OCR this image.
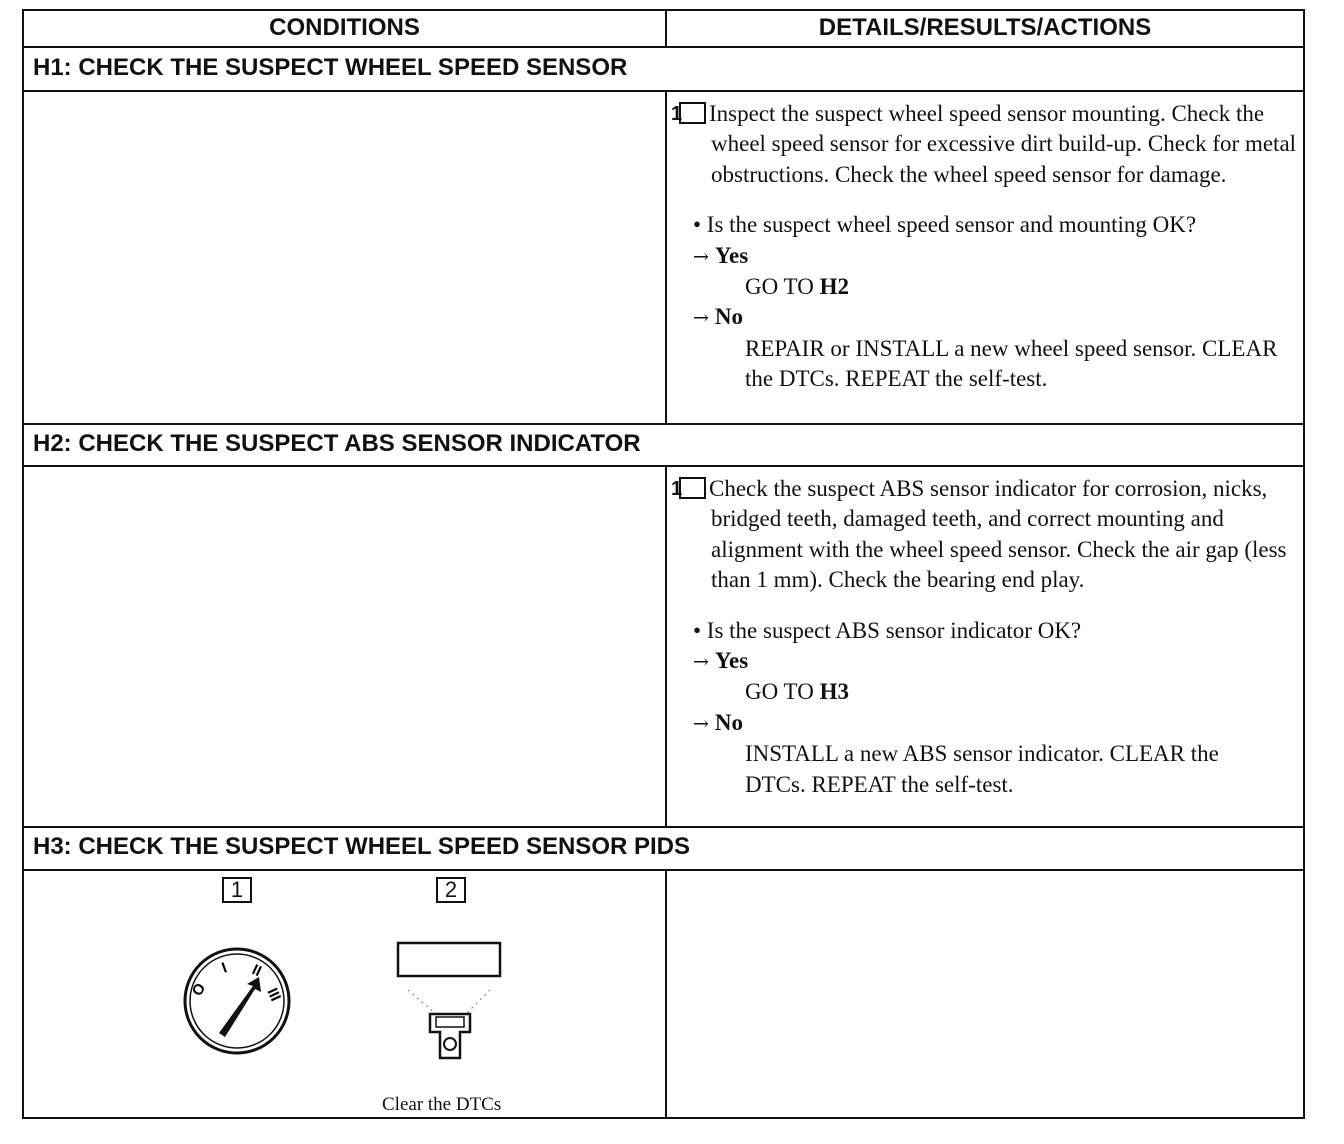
CONDITIONS	DETAILS/RESULTS/ACTIONS
H1: CHECK THE SUSPECT WHEEL SPEED SENSOR

1 Inspect the suspect wheel speed sensor mounting. Check the wheel speed sensor for excessive dirt build-up. Check for metal obstructions. Check the wheel speed sensor for damage.

• Is the suspect wheel speed sensor and mounting OK?

→ Yes

GO TO H2

→ No

REPAIR or INSTALL a new wheel speed sensor. CLEAR the DTCs. REPEAT the self-test.

H2: CHECK THE SUSPECT ABS SENSOR INDICATOR

1 Check the suspect ABS sensor indicator for corrosion, nicks, bridged teeth, damaged teeth, and correct mounting and alignment with the wheel speed sensor. Check the air gap (less than 1 mm). Check the bearing end play.

• Is the suspect ABS sensor indicator OK?

→ Yes

GO TO H3

→ No

INSTALL a new ABS sensor indicator. CLEAR the DTCs. REPEAT the self-test.

H3: CHECK THE SUSPECT WHEEL SPEED SENSOR PIDS
1	2
O
I II
III
Clear the DTCs
